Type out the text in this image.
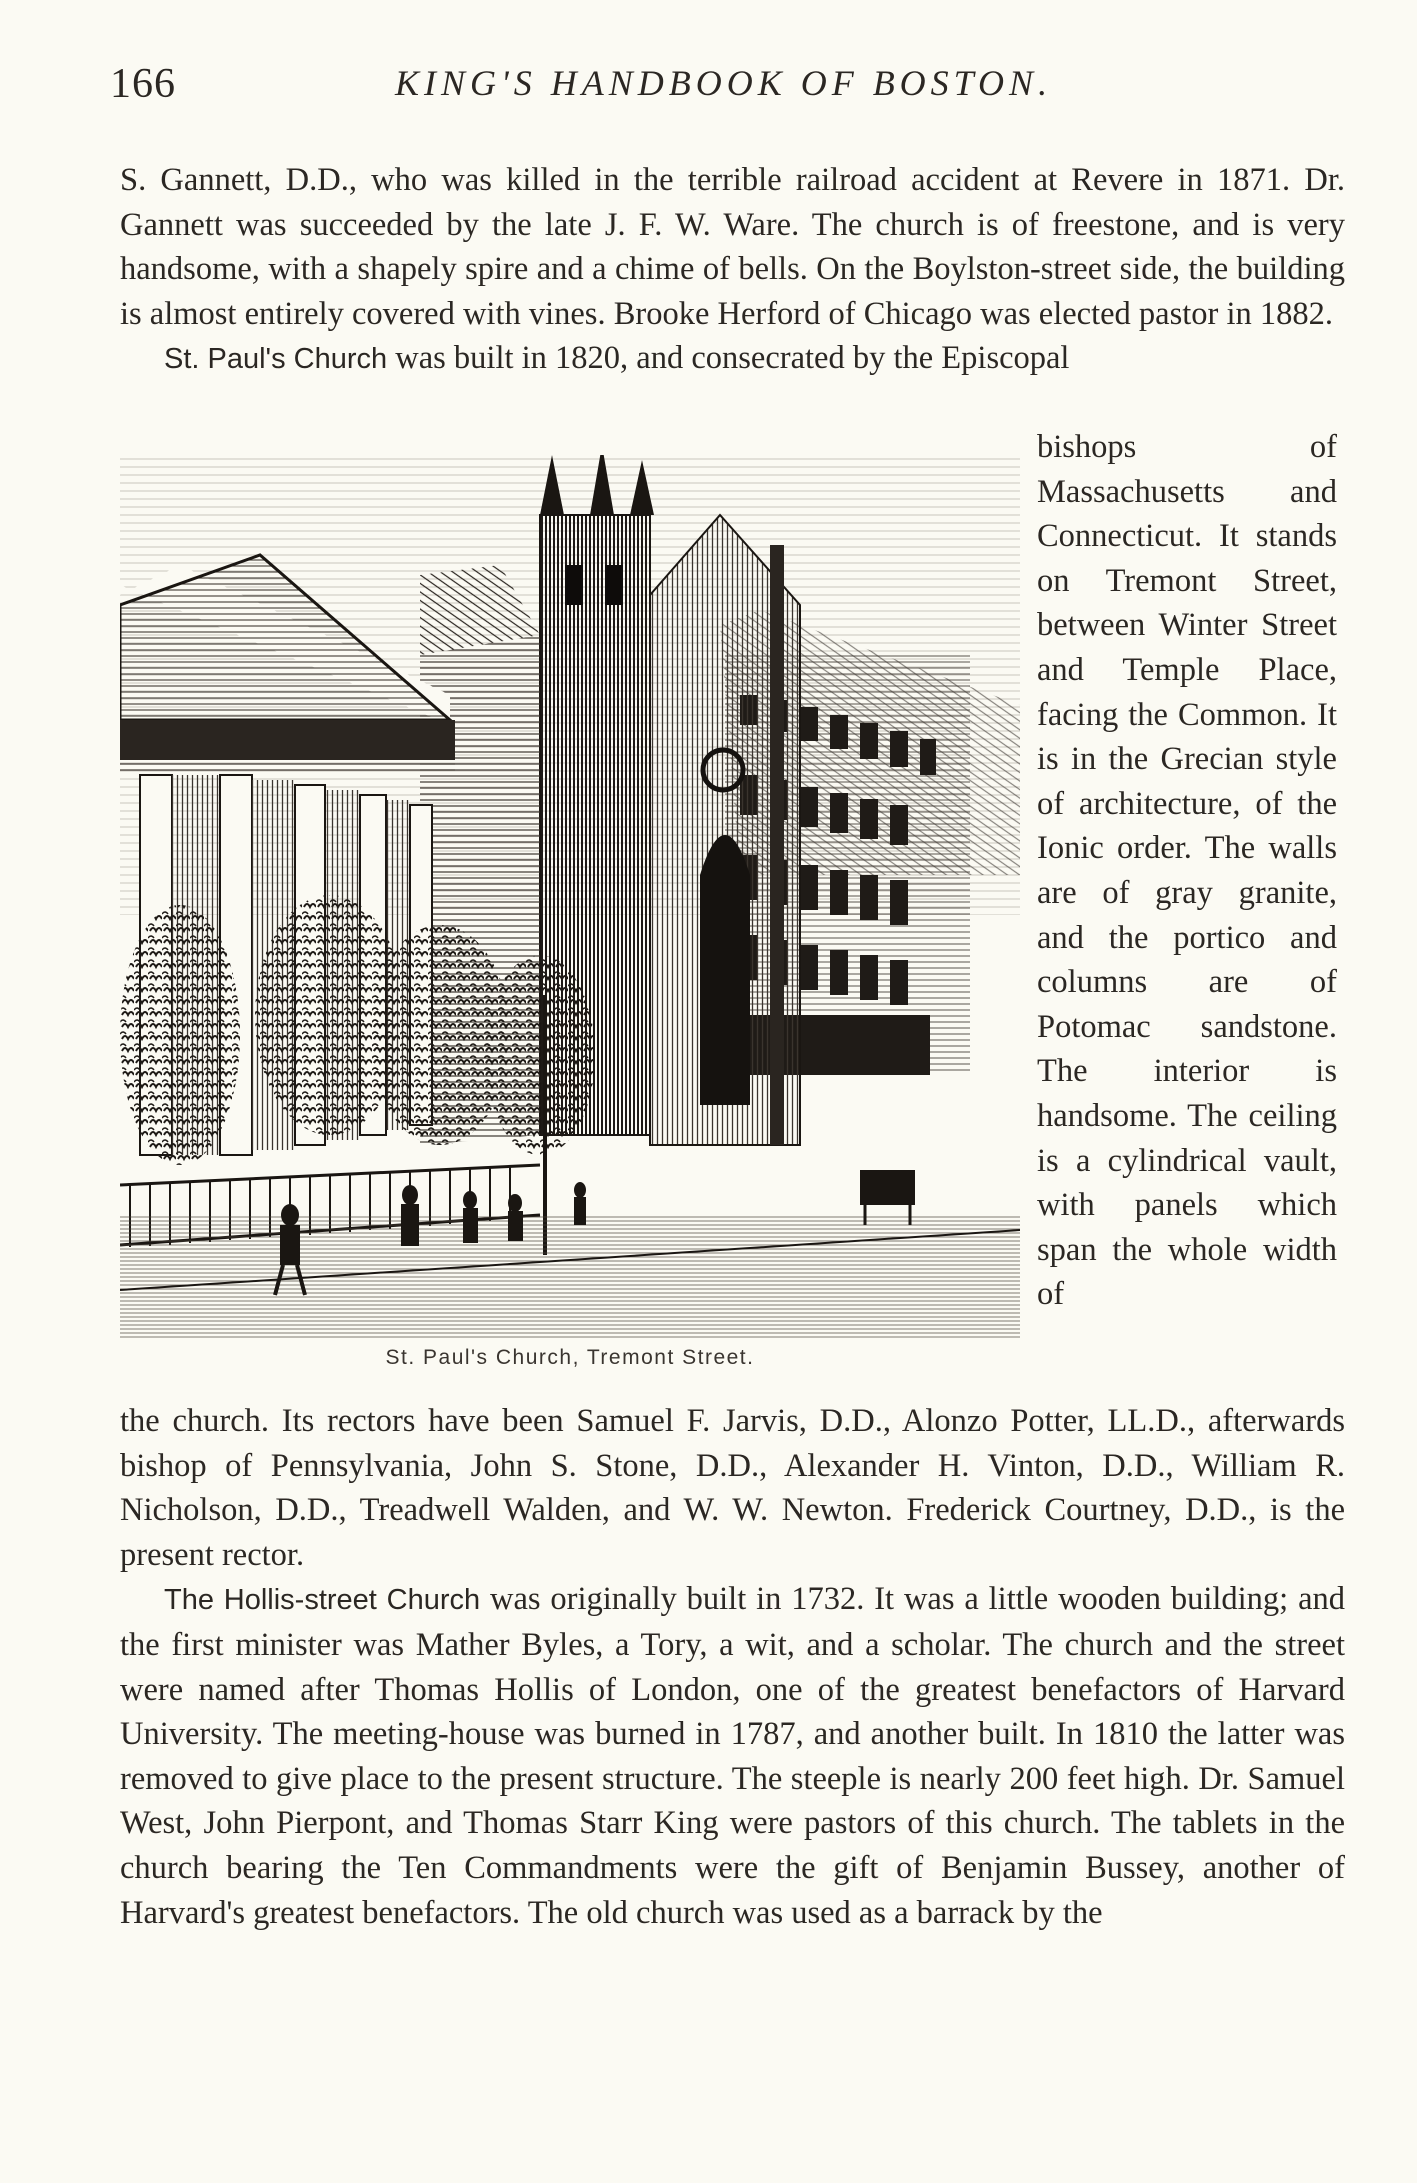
166	KING'S HANDBOOK OF BOSTON.

S. Gannett, D.D., who was killed in the terrible railroad accident at Revere in 1871. Dr. Gannett was succeeded by the late J. F. W. Ware. The church is of freestone, and is very handsome, with a shapely spire and a chime of bells. On the Boylston-street side, the building is almost entirely covered with vines. Brooke Herford of Chicago was elected pastor in 1882.

St. Paul's Church was built in 1820, and consecrated by the Episcopal

bishops of Massachusetts and Connecticut. It stands on Tremont Street, between Winter Street and Temple Place, facing the Common. It is in the Grecian style of architecture, of the Ionic order. The walls are of gray granite, and the portico and columns are of Potomac sandstone. The interior is handsome. The ceiling is a cylindrical vault, with panels which span the whole width of

St. Paul's Church, Tremont Street.

the church. Its rectors have been Samuel F. Jarvis, D.D., Alonzo Potter, LL.D., afterwards bishop of Pennsylvania, John S. Stone, D.D., Alexander H. Vinton, D.D., William R. Nicholson, D.D., Treadwell Walden, and W. W. Newton. Frederick Courtney, D.D., is the present rector.

The Hollis-street Church was originally built in 1732. It was a little wooden building; and the first minister was Mather Byles, a Tory, a wit, and a scholar. The church and the street were named after Thomas Hollis of London, one of the greatest benefactors of Harvard University. The meeting-house was burned in 1787, and another built. In 1810 the latter was removed to give place to the present structure. The steeple is nearly 200 feet high. Dr. Samuel West, John Pierpont, and Thomas Starr King were pastors of this church. The tablets in the church bearing the Ten Commandments were the gift of Benjamin Bussey, another of Harvard's greatest benefactors. The old church was used as a barrack by the
